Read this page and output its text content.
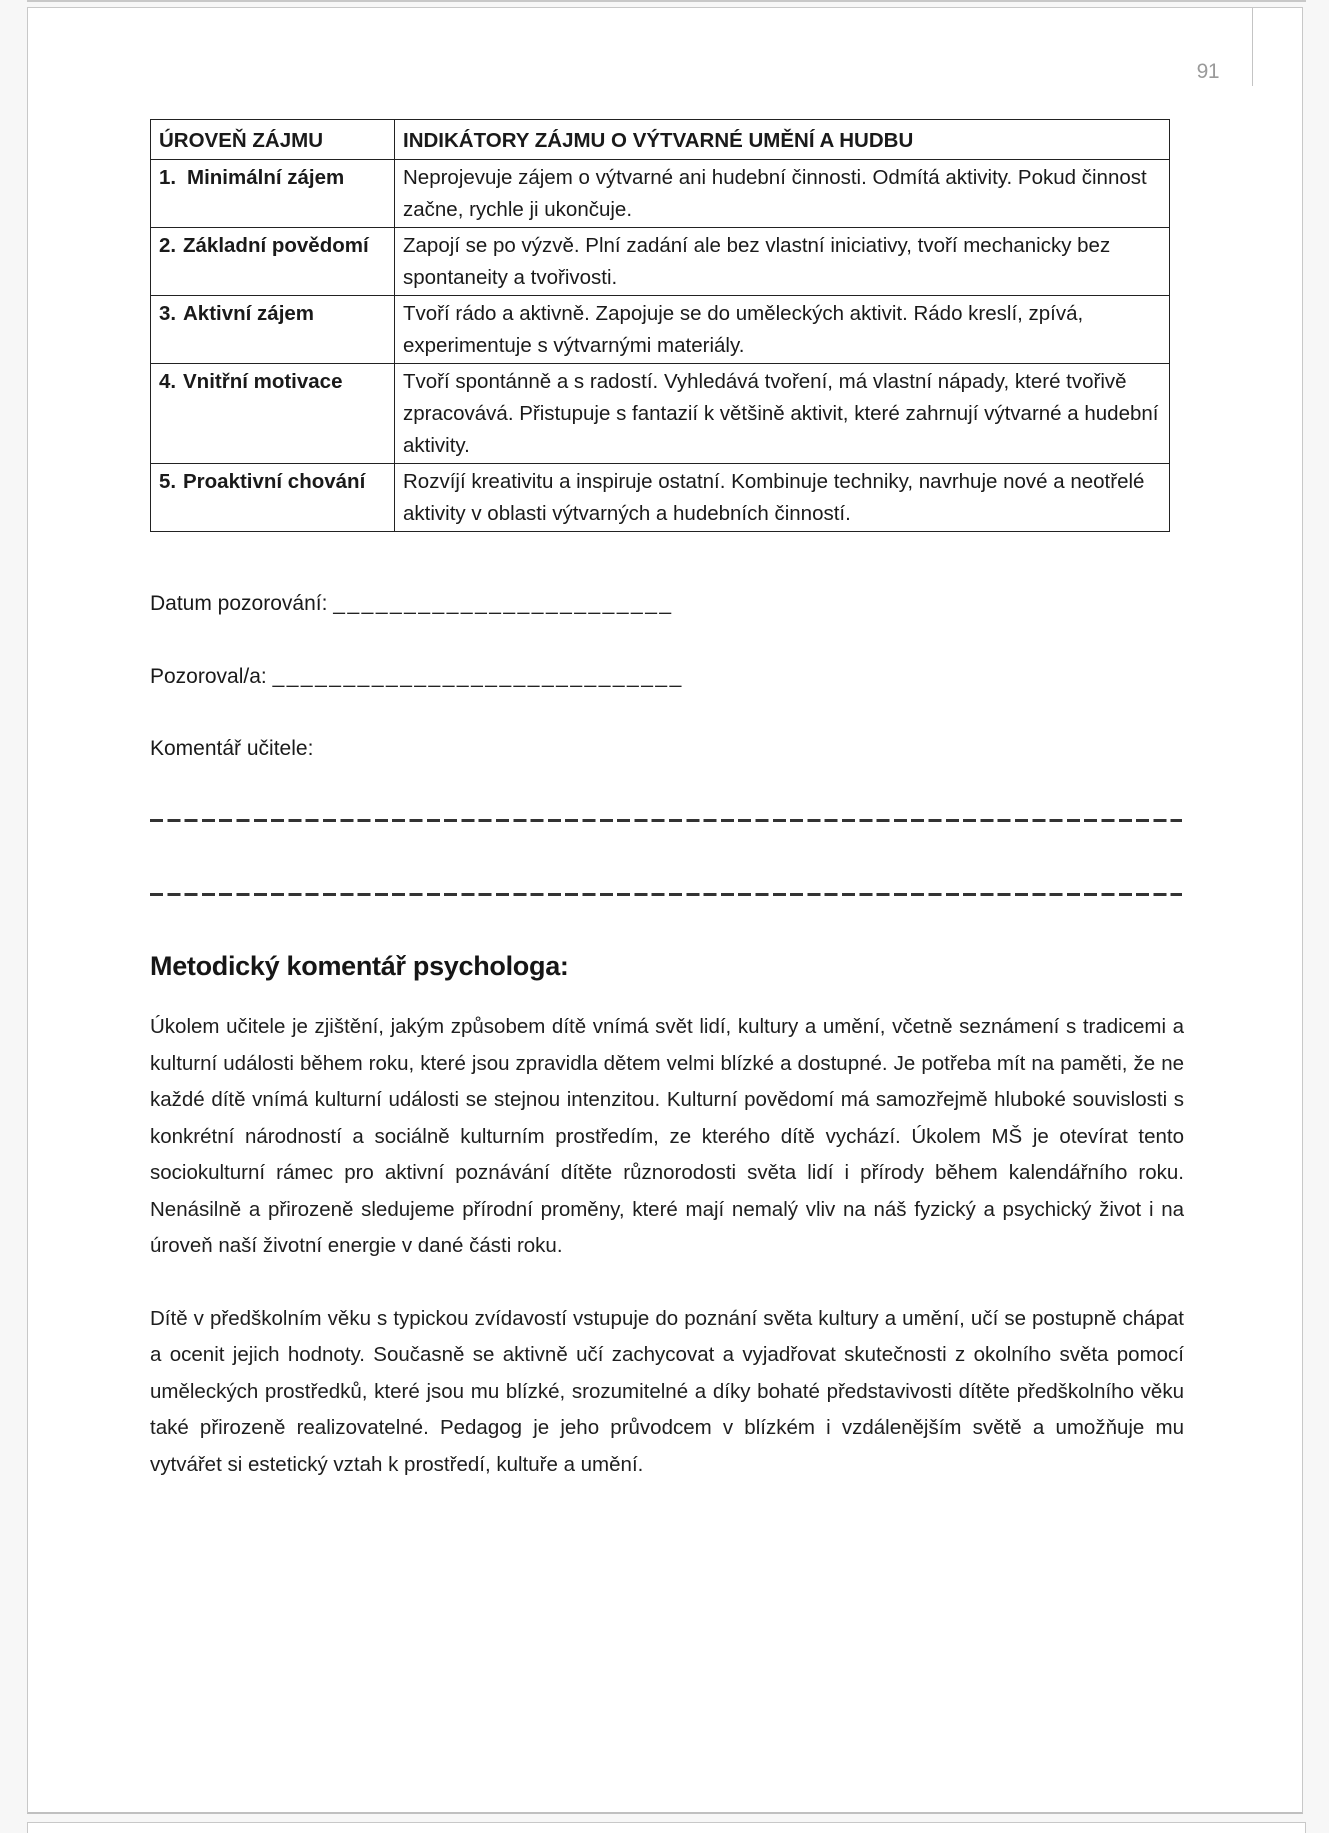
91
ÚROVEŇ ZÁJMU	INDIKÁTORY ZÁJMU O VÝTVARNÉ UMĚNÍ A HUDBU

1. Minimální zájem	Neprojevuje zájem o výtvarné ani hudební činnosti. Odmítá aktivity. Pokud činnost začne, rychle ji ukončuje.

2. Základní povědomí	Zapojí se po výzvě. Plní zadání ale bez vlastní iniciativy, tvoří mechanicky bez spontaneity a tvořivosti.

3. Aktivní zájem	Tvoří rádo a aktivně. Zapojuje se do uměleckých aktivit. Rádo kreslí, zpívá, experimentuje s výtvarnými materiály.

4. Vnitřní motivace	Tvoří spontánně a s radostí. Vyhledává tvoření, má vlastní nápady, které tvořivě zpracovává. Přistupuje s fantazií k většině aktivit, které zahrnují výtvarné a hudební aktivity.

5. Proaktivní chování	Rozvíjí kreativitu a inspiruje ostatní. Kombinuje techniky, navrhuje nové a neotřelé aktivity v oblasti výtvarných a hudebních činností.
Datum pozorování: ________________________
Pozoroval/a: _____________________________
Komentář učitele:
Metodický komentář psychologa:

Úkolem učitele je zjištění, jakým způsobem dítě vnímá svět lidí, kultury a umění, včetně seznámení s tradicemi a kulturní události během roku, které jsou zpravidla dětem velmi blízké a dostupné. Je potřeba mít na paměti, že ne každé dítě vnímá kulturní události se stejnou intenzitou. Kulturní povědomí má samozřejmě hluboké souvislosti s konkrétní národností a sociálně kulturním prostředím, ze kterého dítě vychází. Úkolem MŠ je otevírat tento sociokulturní rámec pro aktivní poznávání dítěte různorodosti světa lidí i přírody během kalendářního roku. Nenásilně a přirozeně sledujeme přírodní proměny, které mají nemalý vliv na náš fyzický a psychický život i na úroveň naší životní energie v dané části roku.

Dítě v předškolním věku s typickou zvídavostí vstupuje do poznání světa kultury a umění, učí se postupně chápat a ocenit jejich hodnoty. Současně se aktivně učí zachycovat a vyjadřovat skutečnosti z okolního světa pomocí uměleckých prostředků, které jsou mu blízké, srozumitelné a díky bohaté představivosti dítěte předškolního věku také přirozeně realizovatelné. Pedagog je jeho průvodcem v blízkém i vzdálenějším světě a umožňuje mu vytvářet si estetický vztah k prostředí, kultuře a umění.
